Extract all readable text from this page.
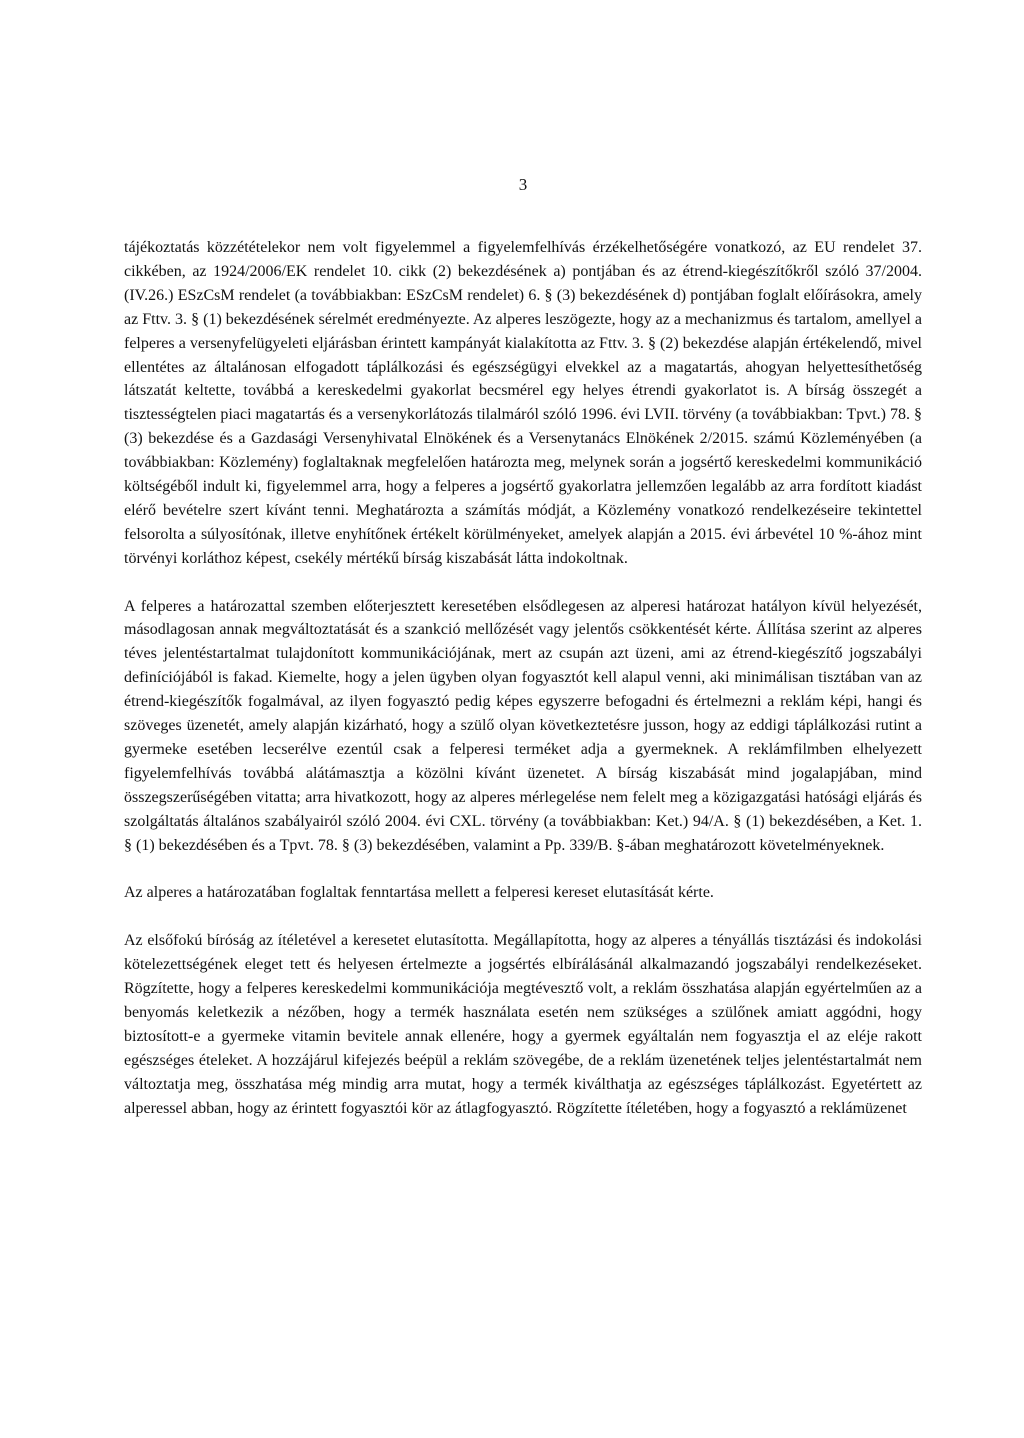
3

tájékoztatás közzétételekor nem volt figyelemmel a figyelemfelhívás érzékelhetőségére vonatkozó, az EU rendelet 37. cikkében, az 1924/2006/EK rendelet 10. cikk (2) bekezdésének a) pontjában és az étrend-kiegészítőkről szóló 37/2004. (IV.26.) ESzCsM rendelet (a továbbiakban: ESzCsM rendelet) 6. § (3) bekezdésének d) pontjában foglalt előírásokra, amely az Fttv. 3. § (1) bekezdésének sérelmét eredményezte. Az alperes leszögezte, hogy az a mechanizmus és tartalom, amellyel a felperes a versenyfelügyeleti eljárásban érintett kampányát kialakította az Fttv. 3. § (2) bekezdése alapján értékelendő, mivel ellentétes az általánosan elfogadott táplálkozási és egészségügyi elvekkel az a magatartás, ahogyan helyettesíthetőség látszatát keltette, továbbá a kereskedelmi gyakorlat becsmérel egy helyes étrendi gyakorlatot is. A bírság összegét a tisztességtelen piaci magatartás és a versenykorlátozás tilalmáról szóló 1996. évi LVII. törvény (a továbbiakban: Tpvt.) 78. § (3) bekezdése és a Gazdasági Versenyhivatal Elnökének és a Versenytanács Elnökének 2/2015. számú Közleményében (a továbbiakban: Közlemény) foglaltaknak megfelelően határozta meg, melynek során a jogsértő kereskedelmi kommunikáció költségéből indult ki, figyelemmel arra, hogy a felperes a jogsértő gyakorlatra jellemzően legalább az arra fordított kiadást elérő bevételre szert kívánt tenni. Meghatározta a számítás módját, a Közlemény vonatkozó rendelkezéseire tekintettel felsorolta a súlyosítónak, illetve enyhítőnek értékelt körülményeket, amelyek alapján a 2015. évi árbevétel 10 %-ához mint törvényi korláthoz képest, csekély mértékű bírság kiszabását látta indokoltnak.

A felperes a határozattal szemben előterjesztett keresetében elsődlegesen az alperesi határozat hatályon kívül helyezését, másodlagosan annak megváltoztatását és a szankció mellőzését vagy jelentős csökkentését kérte. Állítása szerint az alperes téves jelentéstartalmat tulajdonított kommunikációjának, mert az csupán azt üzeni, ami az étrend-kiegészítő jogszabályi definíciójából is fakad. Kiemelte, hogy a jelen ügyben olyan fogyasztót kell alapul venni, aki minimálisan tisztában van az étrend-kiegészítők fogalmával, az ilyen fogyasztó pedig képes egyszerre befogadni és értelmezni a reklám képi, hangi és szöveges üzenetét, amely alapján kizárható, hogy a szülő olyan következtetésre jusson, hogy az eddigi táplálkozási rutint a gyermeke esetében lecserélve ezentúl csak a felperesi terméket adja a gyermeknek. A reklámfilmben elhelyezett figyelemfelhívás továbbá alátámasztja a közölni kívánt üzenetet. A bírság kiszabását mind jogalapjában, mind összegszerűségében vitatta; arra hivatkozott, hogy az alperes mérlegelése nem felelt meg a közigazgatási hatósági eljárás és szolgáltatás általános szabályairól szóló 2004. évi CXL. törvény (a továbbiakban: Ket.) 94/A. § (1) bekezdésében, a Ket. 1. § (1) bekezdésében és a Tpvt. 78. § (3) bekezdésében, valamint a Pp. 339/B. §-ában meghatározott követelményeknek.

Az alperes a határozatában foglaltak fenntartása mellett a felperesi kereset elutasítását kérte.

Az elsőfokú bíróság az ítéletével a keresetet elutasította. Megállapította, hogy az alperes a tényállás tisztázási és indokolási kötelezettségének eleget tett és helyesen értelmezte a jogsértés elbírálásánál alkalmazandó jogszabályi rendelkezéseket. Rögzítette, hogy a felperes kereskedelmi kommunikációja megtévesztő volt, a reklám összhatása alapján egyértelműen az a benyomás keletkezik a nézőben, hogy a termék használata esetén nem szükséges a szülőnek amiatt aggódni, hogy biztosított-e a gyermeke vitamin bevitele annak ellenére, hogy a gyermek egyáltalán nem fogyasztja el az eléje rakott egészséges ételeket. A hozzájárul kifejezés beépül a reklám szövegébe, de a reklám üzenetének teljes jelentéstartalmát nem változtatja meg, összhatása még mindig arra mutat, hogy a termék kiválthatja az egészséges táplálkozást. Egyetértett az alperessel abban, hogy az érintett fogyasztói kör az átlagfogyasztó. Rögzítette ítéletében, hogy a fogyasztó a reklámüzenet
